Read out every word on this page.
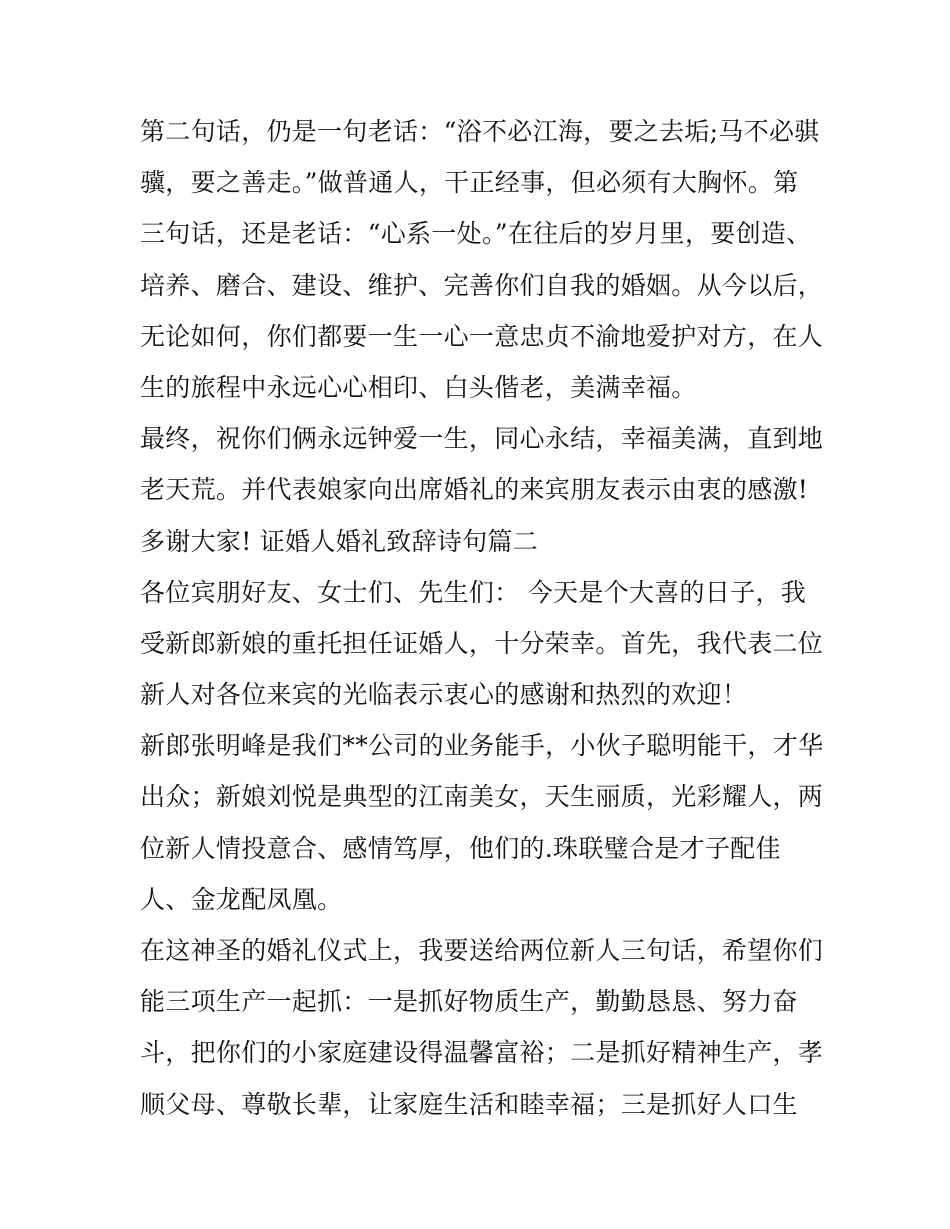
第二句话，仍是一句老话：“浴不必江海，要之去垢;马不必骐
骥，要之善走。”做普通人，干正经事，但必须有大胸怀。第
三句话，还是老话：“心系一处。”在往后的岁月里，要创造、
培养、磨合、建设、维护、完善你们自我的婚姻。从今以后，
无论如何，你们都要一生一心一意忠贞不渝地爱护对方，在人
生的旅程中永远心心相印、白头偕老，美满幸福。
最终，祝你们俩永远钟爱一生，同心永结，幸福美满，直到地
老天荒。并代表娘家向出席婚礼的来宾朋友表示由衷的感激!
多谢大家! 证婚人婚礼致辞诗句篇二
各位宾朋好友、女士们、先生们： 今天是个大喜的日子，我
受新郎新娘的重托担任证婚人，十分荣幸。首先，我代表二位
新人对各位来宾的光临表示衷心的感谢和热烈的欢迎！
新郎张明峰是我们**公司的业务能手，小伙子聪明能干，才华
出众；新娘刘悦是典型的江南美女，天生丽质，光彩耀人，两
位新人情投意合、感情笃厚，他们的.珠联璧合是才子配佳
人、金龙配凤凰。
在这神圣的婚礼仪式上，我要送给两位新人三句话，希望你们
能三项生产一起抓：一是抓好物质生产，勤勤恳恳、努力奋
斗，把你们的小家庭建设得温馨富裕；二是抓好精神生产，孝
顺父母、尊敬长辈，让家庭生活和睦幸福；三是抓好人口生
